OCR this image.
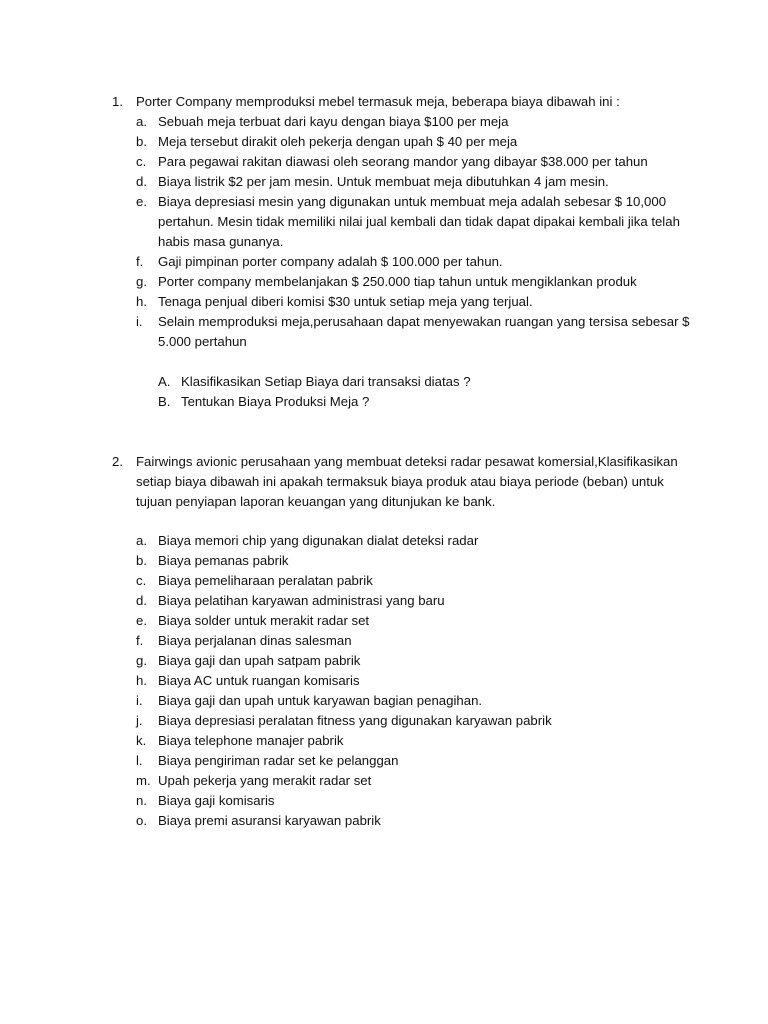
1. Porter Company memproduksi mebel termasuk meja, beberapa biaya dibawah ini :
a. Sebuah meja terbuat dari kayu dengan biaya $100 per meja
b. Meja tersebut dirakit oleh pekerja dengan upah $ 40 per meja
c. Para pegawai rakitan diawasi oleh seorang mandor yang dibayar $38.000 per tahun
d. Biaya listrik $2 per jam mesin. Untuk membuat meja dibutuhkan 4 jam mesin.
e. Biaya depresiasi mesin yang digunakan untuk membuat meja adalah sebesar $ 10,000
pertahun. Mesin tidak memiliki nilai jual kembali dan tidak dapat dipakai kembali jika telah
habis masa gunanya.
f. Gaji pimpinan porter company adalah $ 100.000 per tahun.
g. Porter company membelanjakan $ 250.000 tiap tahun untuk mengiklankan produk
h. Tenaga penjual diberi komisi $30 untuk setiap meja yang terjual.
i. Selain memproduksi meja,perusahaan dapat menyewakan ruangan yang tersisa sebesar $
5.000 pertahun
A. Klasifikasikan Setiap Biaya dari transaksi diatas ?
B. Tentukan Biaya Produksi Meja ?
2. Fairwings avionic perusahaan yang membuat deteksi radar pesawat komersial,Klasifikasikan
setiap biaya dibawah ini apakah termaksuk biaya produk atau biaya periode (beban) untuk
tujuan penyiapan laporan keuangan yang ditunjukan ke bank.
a. Biaya memori chip yang digunakan dialat deteksi radar
b. Biaya pemanas pabrik
c. Biaya pemeliharaan peralatan pabrik
d. Biaya pelatihan karyawan administrasi yang baru
e. Biaya solder untuk merakit radar set
f. Biaya perjalanan dinas salesman
g. Biaya gaji dan upah satpam pabrik
h. Biaya AC untuk ruangan komisaris
i. Biaya gaji dan upah untuk karyawan bagian penagihan.
j. Biaya depresiasi peralatan fitness yang digunakan karyawan pabrik
k. Biaya telephone manajer pabrik
l. Biaya pengiriman radar set ke pelanggan
m. Upah pekerja yang merakit radar set
n. Biaya gaji komisaris
o. Biaya premi asuransi karyawan pabrik
